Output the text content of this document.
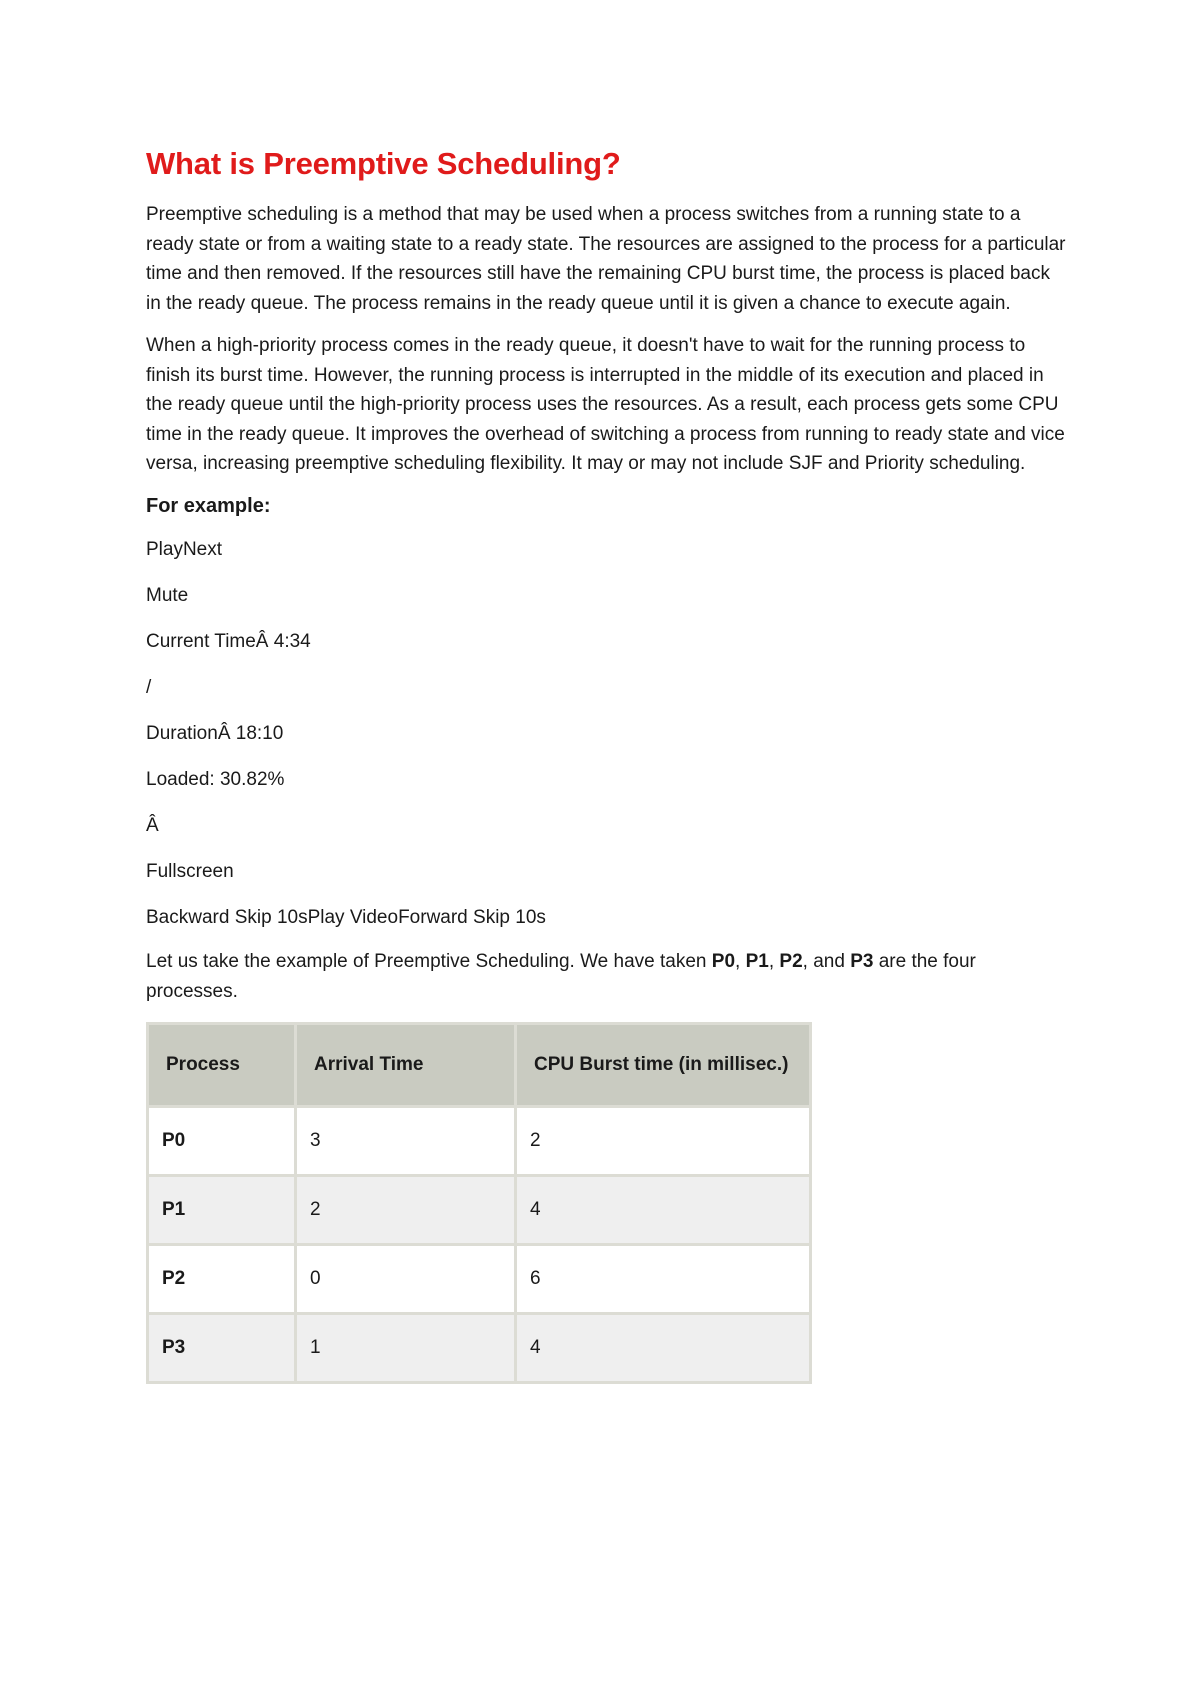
What is Preemptive Scheduling?

Preemptive scheduling is a method that may be used when a process switches from a running state to a ready state or from a waiting state to a ready state. The resources are assigned to the process for a particular time and then removed. If the resources still have the remaining CPU burst time, the process is placed back in the ready queue. The process remains in the ready queue until it is given a chance to execute again.

When a high-priority process comes in the ready queue, it doesn't have to wait for the running process to finish its burst time. However, the running process is interrupted in the middle of its execution and placed in the ready queue until the high-priority process uses the resources. As a result, each process gets some CPU time in the ready queue. It improves the overhead of switching a process from running to ready state and vice versa, increasing preemptive scheduling flexibility. It may or may not include SJF and Priority scheduling.

For example:

PlayNext

Mute

Current TimeÂ 4:34

/

DurationÂ 18:10

Loaded: 30.82%

Â

Fullscreen

Backward Skip 10sPlay VideoForward Skip 10s

Let us take the example of Preemptive Scheduling. We have taken P0, P1, P2, and P3 are the four processes.

Process	Arrival Time	CPU Burst time (in millisec.)
P0	3	2
P1	2	4
P2	0	6
P3	1	4
